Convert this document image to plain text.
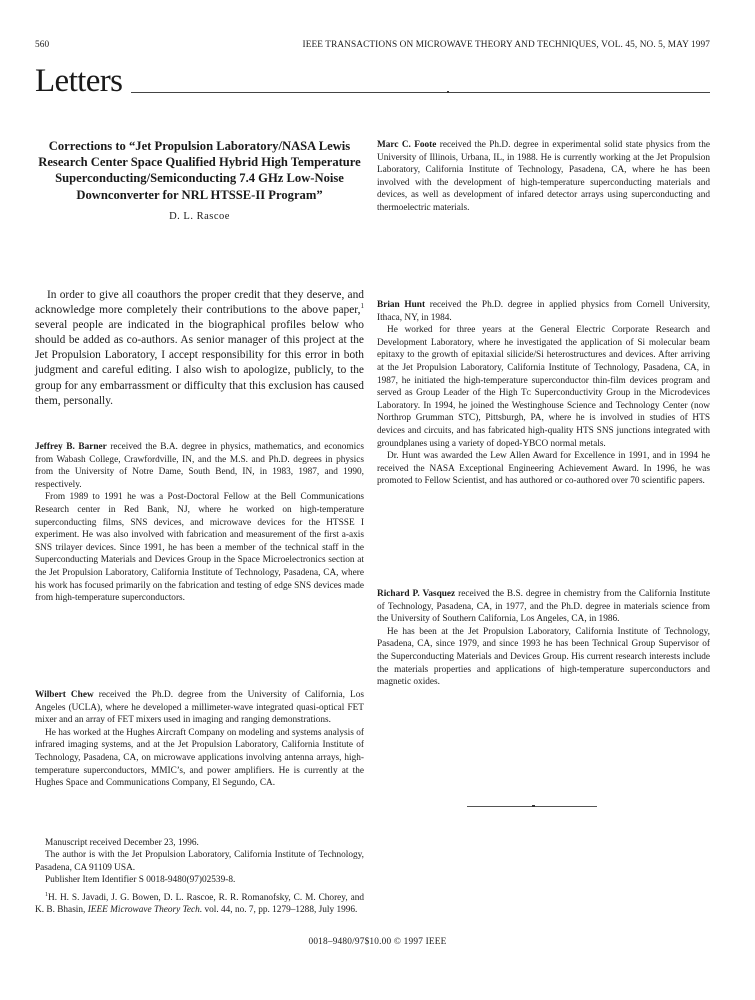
560	IEEE TRANSACTIONS ON MICROWAVE THEORY AND TECHNIQUES, VOL. 45, NO. 5, MAY 1997
Letters
Corrections to “Jet Propulsion Laboratory/NASA Lewis Research Center Space Qualified Hybrid High Temperature Superconducting/Semiconducting 7.4 GHz Low-Noise Downconverter for NRL HTSSE-II Program”
D. L. Rascoe

In order to give all coauthors the proper credit that they deserve, and acknowledge more completely their contributions to the above paper,$^1$ several people are indicated in the biographical profiles below who should be added as co-authors. As senior manager of this project at the Jet Propulsion Laboratory, I accept responsibility for this error in both judgment and careful editing. I also wish to apologize, publicly, to the group for any embarrassment or difficulty that this exclusion has caused them, personally.

Jeffrey B. Barner received the B.A. degree in physics, mathematics, and economics from Wabash College, Crawfordville, IN, and the M.S. and Ph.D. degrees in physics from the University of Notre Dame, South Bend, IN, in 1983, 1987, and 1990, respectively.

From 1989 to 1991 he was a Post-Doctoral Fellow at the Bell Communications Research center in Red Bank, NJ, where he worked on high-temperature superconducting films, SNS devices, and microwave devices for the HTSSE I experiment. He was also involved with fabrication and measurement of the first a-axis SNS trilayer devices. Since 1991, he has been a member of the technical staff in the Superconducting Materials and Devices Group in the Space Microelectronics section at the Jet Propulsion Laboratory, California Institute of Technology, Pasadena, CA, where his work has focused primarily on the fabrication and testing of edge SNS devices made from high-temperature superconductors.

Wilbert Chew received the Ph.D. degree from the University of California, Los Angeles (UCLA), where he developed a millimeter-wave integrated quasi-optical FET mixer and an array of FET mixers used in imaging and ranging demonstrations.

He has worked at the Hughes Aircraft Company on modeling and systems analysis of infrared imaging systems, and at the Jet Propulsion Laboratory, California Institute of Technology, Pasadena, CA, on microwave applications involving antenna arrays, high-temperature superconductors, MMIC’s, and power amplifiers. He is currently at the Hughes Space and Communications Company, El Segundo, CA.

Manuscript received December 23, 1996.

The author is with the Jet Propulsion Laboratory, California Institute of Technology, Pasadena, CA 91109 USA.

Publisher Item Identifier S 0018-9480(97)02539-8.

$^1$H. H. S. Javadi, J. G. Bowen, D. L. Rascoe, R. R. Romanofsky, C. M. Chorey, and K. B. Bhasin, IEEE Microwave Theory Tech. vol. 44, no. 7, pp. 1279–1288, July 1996.

Marc C. Foote received the Ph.D. degree in experimental solid state physics from the University of Illinois, Urbana, IL, in 1988. He is currently working at the Jet Propulsion Laboratory, California Institute of Technology, Pasadena, CA, where he has been involved with the development of high-temperature superconducting materials and devices, as well as development of infared detector arrays using superconducting and thermoelectric materials.

Brian Hunt received the Ph.D. degree in applied physics from Cornell University, Ithaca, NY, in 1984.

He worked for three years at the General Electric Corporate Research and Development Laboratory, where he investigated the application of Si molecular beam epitaxy to the growth of epitaxial silicide/Si heterostructures and devices. After arriving at the Jet Propulsion Laboratory, California Institute of Technology, Pasadena, CA, in 1987, he initiated the high-temperature superconductor thin-film devices program and served as Group Leader of the High Tᴄ Superconductivity Group in the Microdevices Laboratory. In 1994, he joined the Westinghouse Science and Technology Center (now Northrop Grumman STC), Pittsburgh, PA, where he is involved in studies of HTS devices and circuits, and has fabricated high-quality HTS SNS junctions integrated with groundplanes using a variety of doped-YBCO normal metals.

Dr. Hunt was awarded the Lew Allen Award for Excellence in 1991, and in 1994 he received the NASA Exceptional Engineering Achievement Award. In 1996, he was promoted to Fellow Scientist, and has authored or co-authored over 70 scientific papers.

Richard P. Vasquez received the B.S. degree in chemistry from the California Institute of Technology, Pasadena, CA, in 1977, and the Ph.D. degree in materials science from the University of Southern California, Los Angeles, CA, in 1986.

He has been at the Jet Propulsion Laboratory, California Institute of Technology, Pasadena, CA, since 1979, and since 1993 he has been Technical Group Supervisor of the Superconducting Materials and Devices Group. His current research interests include the materials properties and applications of high-temperature superconductors and magnetic oxides.

0018–9480/97$10.00 © 1997 IEEE
